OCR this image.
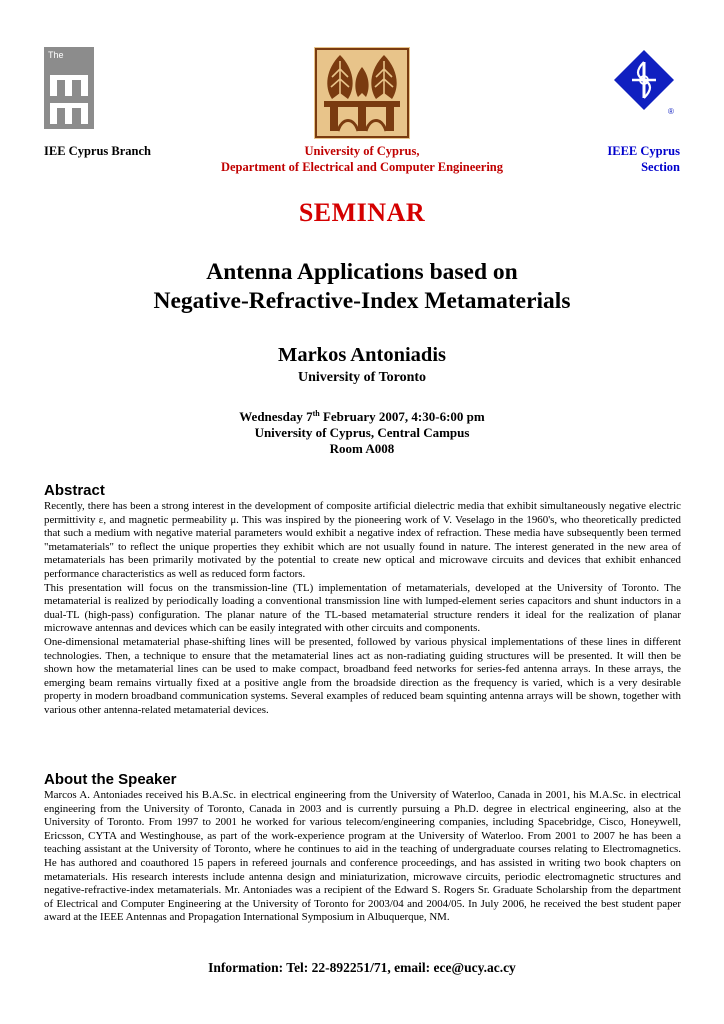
The
®
IEE Cyprus Branch	University of Cyprus,
Department of Electrical and Computer Engineering
IEEE Cyprus
Section
SEMINAR
Antenna Applications based on
Negative-Refractive-Index Metamaterials
Markos Antoniadis
University of Toronto
Wednesday 7th February 2007, 4:30-6:00 pm
University of Cyprus, Central Campus
Room A008
Abstract

Recently, there has been a strong interest in the development of composite artificial dielectric media that exhibit simultaneously negative electric permittivity ε, and magnetic permeability μ. This was inspired by the pioneering work of V. Veselago in the 1960's, who theoretically predicted that such a medium with negative material parameters would exhibit a negative index of refraction. These media have subsequently been termed "metamaterials" to reflect the unique properties they exhibit which are not usually found in nature. The interest generated in the new area of metamaterials has been primarily motivated by the potential to create new optical and microwave circuits and devices that exhibit enhanced performance characteristics as well as reduced form factors.

This presentation will focus on the transmission-line (TL) implementation of metamaterials, developed at the University of Toronto. The metamaterial is realized by periodically loading a conventional transmission line with lumped-element series capacitors and shunt inductors in a dual-TL (high-pass) configuration. The planar nature of the TL-based metamaterial structure renders it ideal for the realization of planar microwave antennas and devices which can be easily integrated with other circuits and components.

One-dimensional metamaterial phase-shifting lines will be presented, followed by various physical implementations of these lines in different technologies. Then, a technique to ensure that the metamaterial lines act as non-radiating guiding structures will be presented. It will then be shown how the metamaterial lines can be used to make compact, broadband feed networks for series-fed antenna arrays. In these arrays, the emerging beam remains virtually fixed at a positive angle from the broadside direction as the frequency is varied, which is a very desirable property in modern broadband communication systems. Several examples of reduced beam squinting antenna arrays will be shown, together with various other antenna-related metamaterial devices.

About the Speaker

Marcos A. Antoniades received his B.A.Sc. in electrical engineering from the University of Waterloo, Canada in 2001, his M.A.Sc. in electrical engineering from the University of Toronto, Canada in 2003 and is currently pursuing a Ph.D. degree in electrical engineering, also at the University of Toronto. From 1997 to 2001 he worked for various telecom/engineering companies, including Spacebridge, Cisco, Honeywell, Ericsson, CYTA and Westinghouse, as part of the work-experience program at the University of Waterloo. From 2001 to 2007 he has been a teaching assistant at the University of Toronto, where he continues to aid in the teaching of undergraduate courses relating to Electromagnetics. He has authored and coauthored 15 papers in refereed journals and conference proceedings, and has assisted in writing two book chapters on metamaterials. His research interests include antenna design and miniaturization, microwave circuits, periodic electromagnetic structures and negative-refractive-index metamaterials. Mr. Antoniades was a recipient of the Edward S. Rogers Sr. Graduate Scholarship from the department of Electrical and Computer Engineering at the University of Toronto for 2003/04 and 2004/05. In July 2006, he received the best student paper award at the IEEE Antennas and Propagation International Symposium in Albuquerque, NM.

Information: Tel: 22-892251/71, email: ece@ucy.ac.cy
